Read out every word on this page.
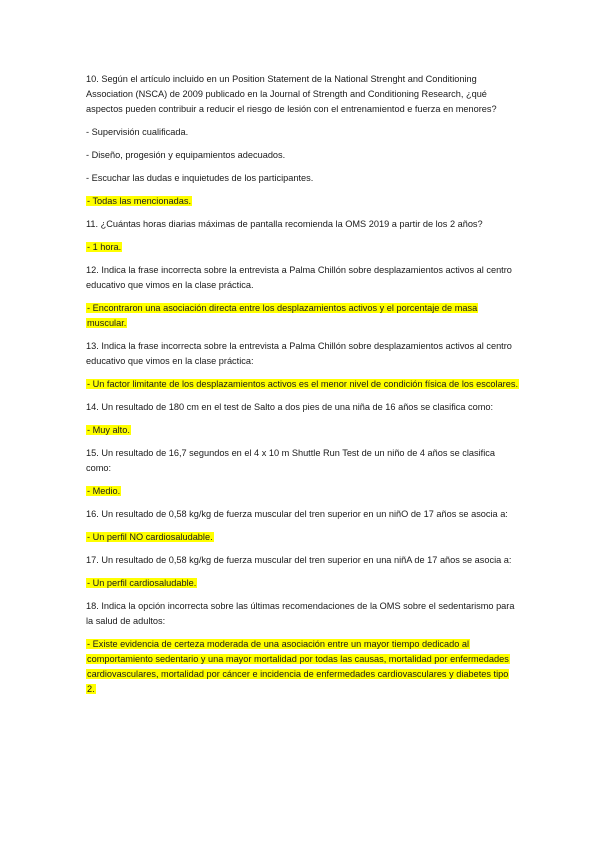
10. Según el artículo incluido en un Position Statement de la National Strenght and Conditioning Association (NSCA) de 2009 publicado en la Journal of Strength and Conditioning Research, ¿qué aspectos pueden contribuir a reducir el riesgo de lesión con el entrenamientod e fuerza en menores?

- Supervisión cualificada.

- Diseño, progesión y equipamientos adecuados.

- Escuchar las dudas e inquietudes de los participantes.

- Todas las mencionadas.

11. ¿Cuántas horas diarias máximas de pantalla recomienda la OMS 2019 a partir de los 2 años?

- 1 hora.

12. Indica la frase incorrecta sobre la entrevista a Palma Chillón sobre desplazamientos activos al centro educativo que vimos en la clase práctica.

- Encontraron una asociación directa entre los desplazamientos activos y el porcentaje de masa muscular.

13. Indica la frase incorrecta sobre la entrevista a Palma Chillón sobre desplazamientos activos al centro educativo que vimos en la clase práctica:

- Un factor limitante de los desplazamientos activos es el menor nivel de condición física de los escolares.

14. Un resultado de 180 cm en el test de Salto a dos pies de una niña de 16 años se clasifica como:

- Muy alto.

15. Un resultado de 16,7 segundos en el 4 x 10 m Shuttle Run Test de un niño de 4 años se clasifica como:

- Medio.

16. Un resultado de 0,58 kg/kg de fuerza muscular del tren superior en un niñO de 17 años se asocia a:

- Un perfil NO cardiosaludable.

17. Un resultado de 0,58 kg/kg de fuerza muscular del tren superior en una niñA de 17 años se asocia a:

- Un perfil cardiosaludable.

18. Indica la opción incorrecta sobre las últimas recomendaciones de la OMS sobre el sedentarismo para la salud de adultos:

- Existe evidencia de certeza moderada de una asociación entre un mayor tiempo dedicado al comportamiento sedentario y una mayor mortalidad por todas las causas, mortalidad por enfermedades cardiovasculares, mortalidad por cáncer e incidencia de enfermedades cardiovasculares y diabetes tipo 2.
